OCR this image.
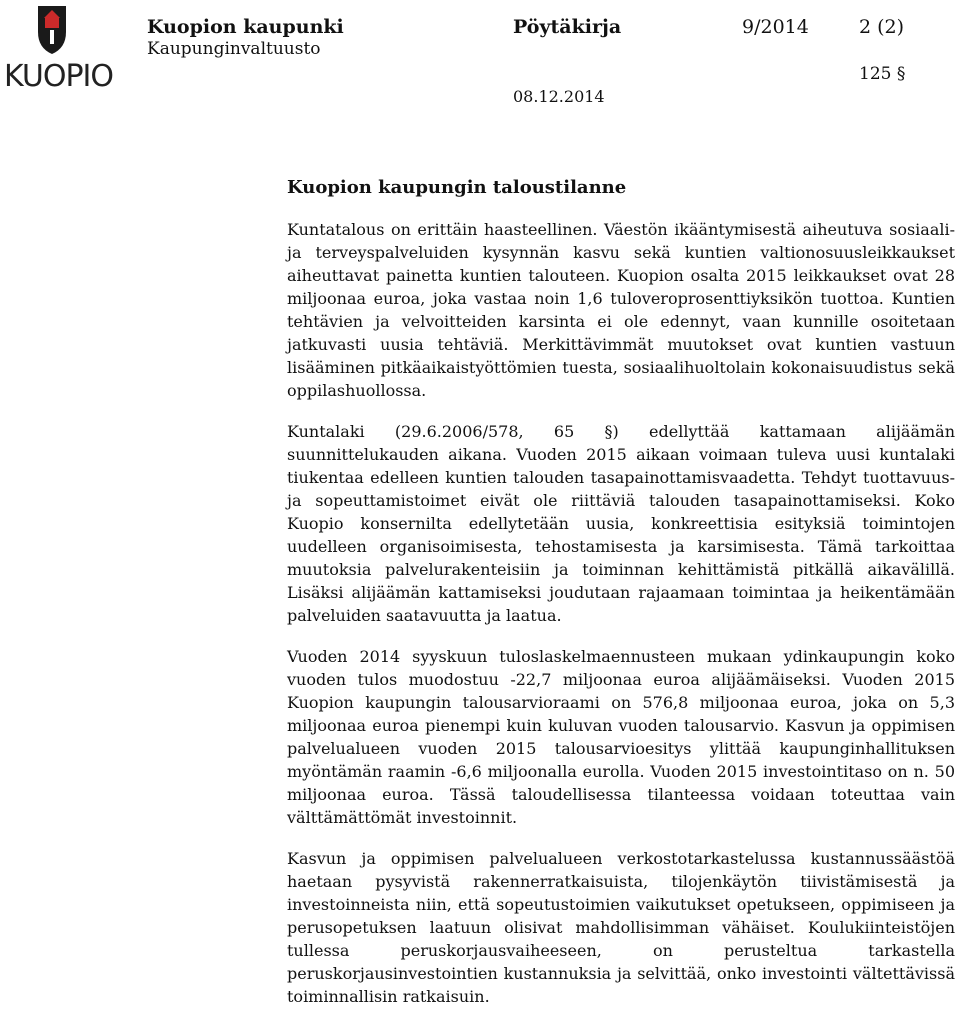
KUOPIO
Kuopion kaupunki
Kaupunginvaltuusto
Pöytäkirja	9/2014	2 (2)
125 §
08.12.2014
Kuopion kaupungin taloustilanne

Kuntatalous on erittäin haasteellinen. Väestön ikääntymisestä aiheutuva sosiaali- ja terveyspalveluiden kysynnän kasvu sekä kuntien valtionosuusleikkaukset aiheuttavat painetta kuntien talouteen. Kuopion osalta 2015 leikkaukset ovat 28 miljoonaa euroa, joka vastaa noin 1,6 tuloveroprosenttiyksikön tuottoa. Kuntien tehtävien ja velvoitteiden karsinta ei ole edennyt, vaan kunnille osoitetaan jatkuvasti uusia tehtäviä. Merkittävimmät muutokset ovat kuntien vastuun lisääminen pitkäaikaistyöttömien tuesta, sosiaalihuoltolain kokonaisuudistus sekä oppilashuollossa.

Kuntalaki (29.6.2006/578, 65 §) edellyttää kattamaan alijäämän suunnittelukauden aikana. Vuoden 2015 aikaan voimaan tuleva uusi kuntalaki tiukentaa edelleen kuntien talouden tasapainottamisvaadetta. Tehdyt tuottavuus- ja sopeuttamistoimet eivät ole riittäviä talouden tasapainottamiseksi. Koko Kuopio konsernilta edellytetään uusia, konkreettisia esityksiä toimintojen uudelleen organisoimisesta, tehostamisesta ja karsimisesta. Tämä tarkoittaa muutoksia palvelurakenteisiin ja toiminnan kehittämistä pitkällä aikavälillä. Lisäksi alijäämän kattamiseksi joudutaan rajaamaan toimintaa ja heikentämään palveluiden saatavuutta ja laatua.

Vuoden 2014 syyskuun tuloslaskelmaennusteen mukaan ydinkaupungin koko vuoden tulos muodostuu -22,7 miljoonaa euroa alijäämäiseksi. Vuoden 2015 Kuopion kaupungin talousarvioraami on 576,8 miljoonaa euroa, joka on 5,3 miljoonaa euroa pienempi kuin kuluvan vuoden talousarvio. Kasvun ja oppimisen palvelualueen vuoden 2015 talousarvioesitys ylittää kaupunginhallituksen myöntämän raamin -6,6 miljoonalla eurolla. Vuoden 2015 investointitaso on n. 50 miljoonaa euroa. Tässä taloudellisessa tilanteessa voidaan toteuttaa vain välttämättömät investoinnit.

Kasvun ja oppimisen palvelualueen verkostotarkastelussa kustannussäästöä haetaan pysyvistä rakennerratkaisuista, tilojenkäytön tiivistämisestä ja investoinneista niin, että sopeutustoimien vaikutukset opetukseen, oppimiseen ja perusopetuksen laatuun olisivat mahdollisimman vähäiset. Koulukiinteistöjen tullessa peruskorjausvaiheeseen, on perusteltua tarkastella peruskorjausinvestointien kustannuksia ja selvittää, onko investointi vältettävissä toiminnallisin ratkaisuin.
